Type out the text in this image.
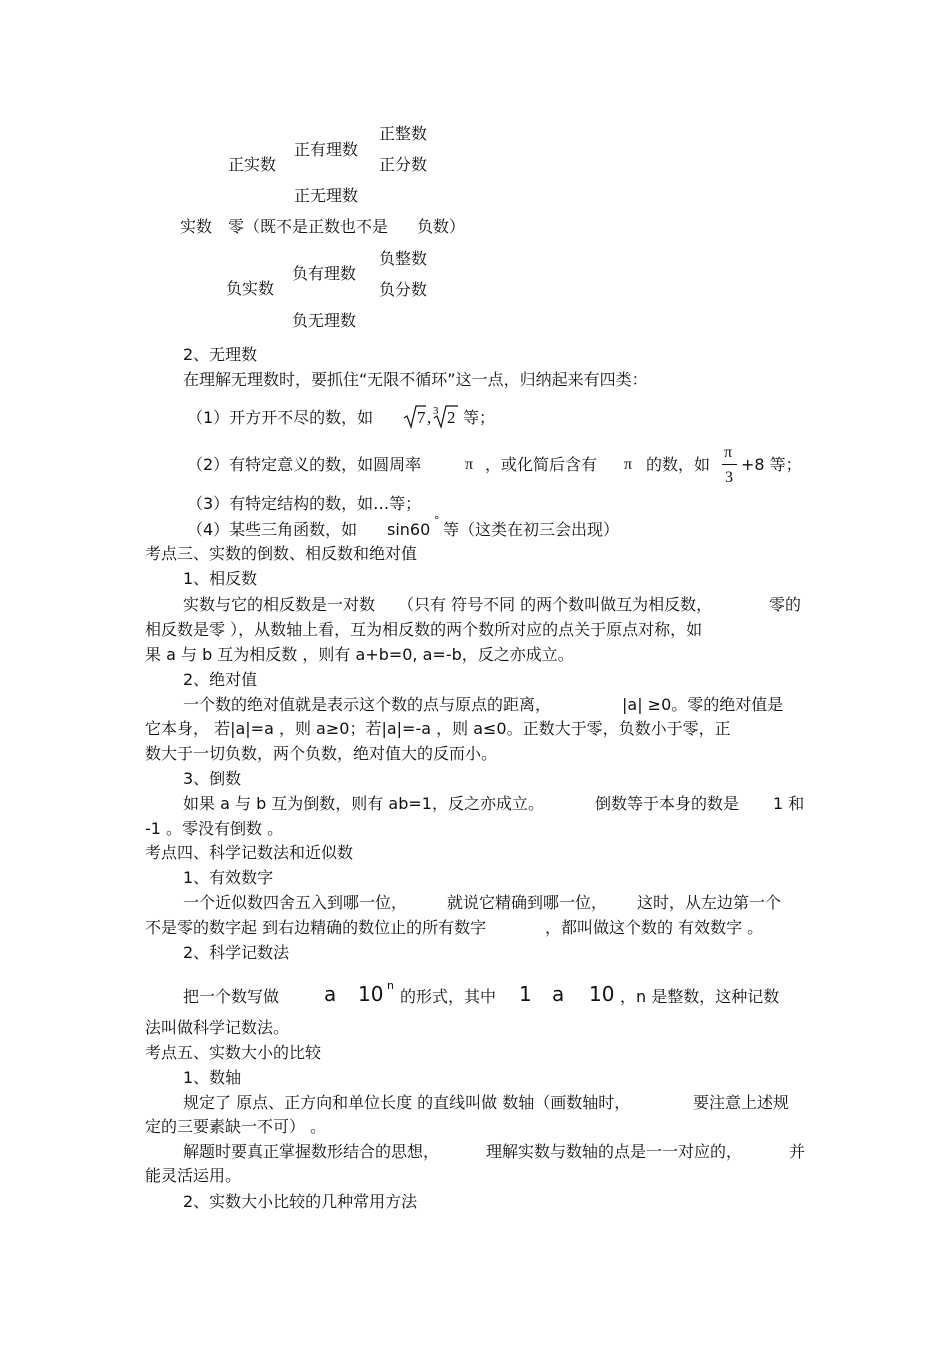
正整数
正有理数
正分数
正实数
正无理数
实数 零（既不是正数也不是 负数）
负整数
负有理数
负实数	负分数
负无理数
2、无理数
在理解无理数时，要抓住“无限不循环”这一点，归纳起来有四类：
（1）开方开不尽的数，如	7 , 3 2 等；
（2）有特定意义的数，如圆周率	π ，或化简后含有 π 的数，如
π
3
+8 等；
（3）有特定结构的数，如…等；
（4）某些三角函数，如 sin60 ° 等（这类在初三会出现）
考点三、实数的倒数、相反数和绝对值
1、相反数
实数与它的相反数是一对数 （只有 符号不同 的两个数叫做互为相反数，	零的
相反数是零 ），从数轴上看，互为相反数的两个数所对应的点关于原点对称，如
果 a 与 b 互为相反数 ，则有 a+b=0, a=-b，反之亦成立。
2、绝对值
一个数的绝对值就是表示这个数的点与原点的距离，	|a| ≥0。零的绝对值是
它本身， 若|a|=a ，则 a≥0；若|a|=-a ，则 a≤0。正数大于零，负数小于零，正
数大于一切负数，两个负数，绝对值大的反而小。
3、倒数
如果 a 与 b 互为倒数，则有 ab=1，反之亦成立。	倒数等于本身的数是 1 和
-1 。零没有倒数 。
考点四、科学记数法和近似数
1、有效数字
一个近似数四舍五入到哪一位， 就说它精确到哪一位， 这时，从左边第一个
不是零的数字起 到右边精确的数位止的所有数字	，都叫做这个数的 有效数字 。
2、科学记数法
把一个数写做 a 10 n
的形式，其中 1 a 10 ，n 是整数，这种记数
法叫做科学记数法。
考点五、实数大小的比较
1、数轴
规定了 原点、正方向和单位长度 的直线叫做 数轴（画数轴时，	要注意上述规
定的三要素缺一不可） 。
解题时要真正掌握数形结合的思想，	理解实数与数轴的点是一一对应的，	并
能灵活运用。
2、实数大小比较的几种常用方法
